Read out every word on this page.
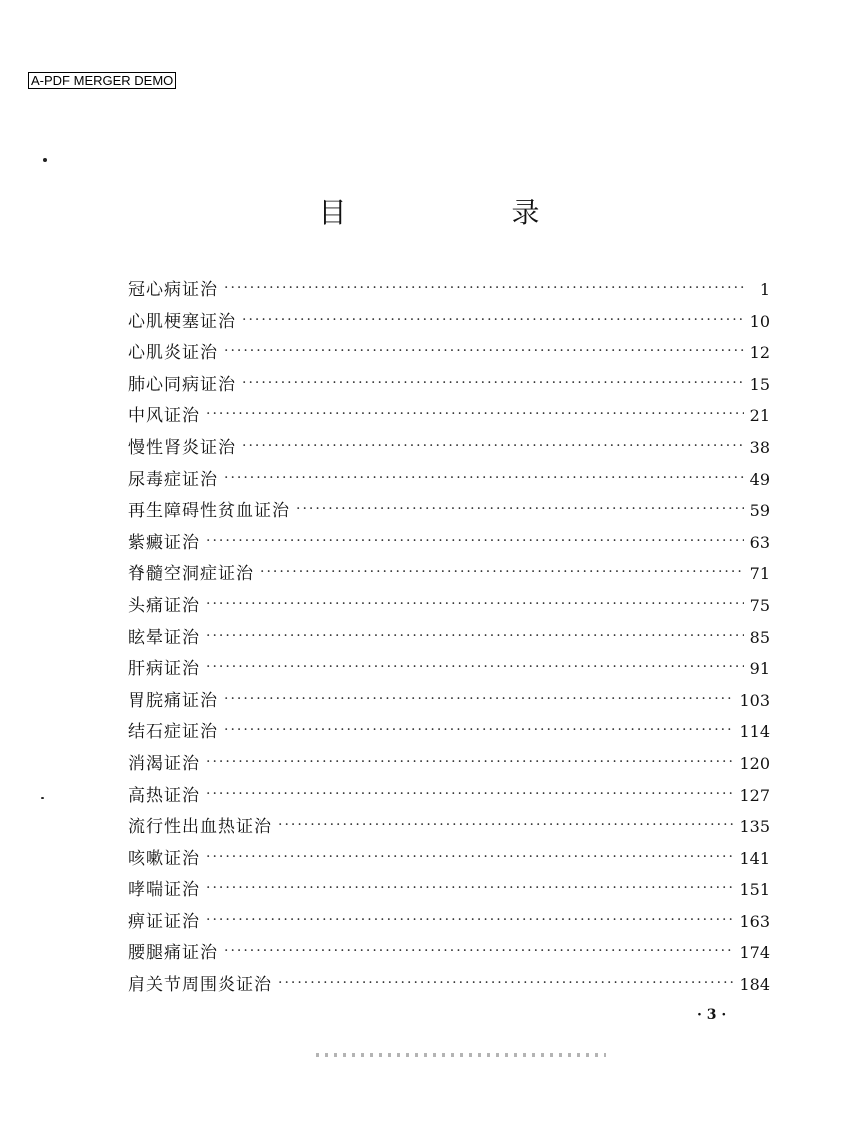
A-PDF MERGER DEMO
目 录
冠心病证治 ·····	1
心肌梗塞证治 ·····	10
心肌炎证治 ·····	12
肺心同病证治 ·····	15
中风证治 ·····	21
慢性肾炎证治 ·····	38
尿毒症证治 ·····	49
再生障碍性贫血证治 ·····	59
紫癜证治 ·····	63
脊髓空洞症证治 ·····	71
头痛证治 ·····	75
眩晕证治 ·····	85
肝病证治 ·····	91
胃脘痛证治 ·····	103
结石症证治 ·····	114
消渴证治 ·····	120
高热证治 ·····	127
流行性出血热证治 ·····	135
咳嗽证治 ·····	141
哮喘证治 ·····	151
痹证证治 ·····	163
腰腿痛证治 ·····	174
肩关节周围炎证治 ·····	184
· 3 ·
